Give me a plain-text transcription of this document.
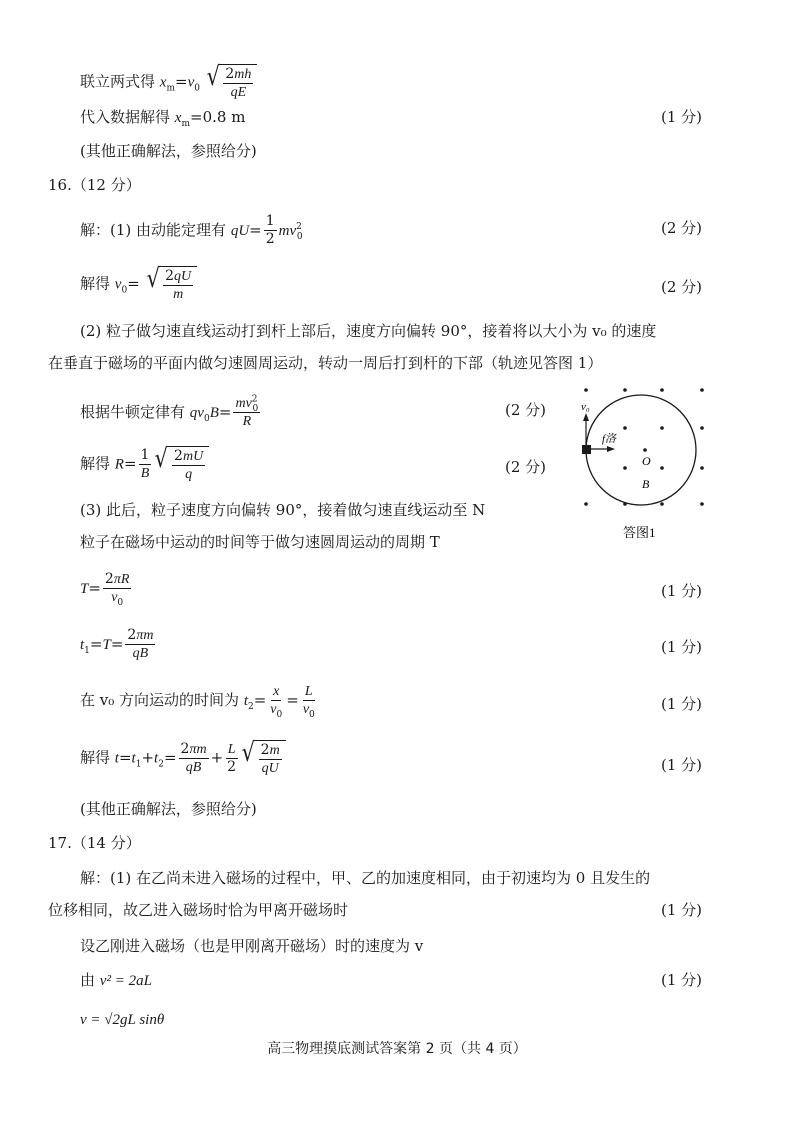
联立两式得 $x_m=v_0$ √ $\frac{2mh}{qE}$
代入数据解得 $x_m=0.8$ m	(1 分)
(其他正确解法，参照给分)
16.（12 分）
解：(1) 由动能定理有 $qU= \frac{1}{2} mv^2_0$	(2 分)
解得 $v_0=$ √ $\frac{2qU}{m}$	(2 分)
(2) 粒子做匀速直线运动打到杆上部后，速度方向偏转 90°，接着将以大小为 v₀ 的速度
在垂直于磁场的平面内做匀速圆周运动，转动一周后打到杆的下部（轨迹见答图 1）
根据牛顿定律有 $qv_0B= \frac{mv^2_0}{R}$	(2 分)
解得 $R= \frac{1}{B}$ √ $\frac{2mU}{q}$	(2 分)
(3) 此后，粒子速度方向偏转 90°，接着做匀速直线运动至 N
粒子在磁场中运动的时间等于做匀速圆周运动的周期 T
$T= \frac{2\pi R}{v_0}$	(1 分)
$t_1=T= \frac{2\pi m}{qB}$	(1 分)
在 v₀ 方向运动的时间为 $t_2= \frac{x}{v_0} = \frac{L}{v_0}$	(1 分)
解得 $t=t_1+t_2= \frac{2\pi m}{qB} + \frac{L}{2}$ √ $\frac{2m}{qU}$	(1 分)
(其他正确解法，参照给分)
v₀
f洛
O
B
答图1
17.（14 分）
解：(1) 在乙尚未进入磁场的过程中，甲、乙的加速度相同，由于初速均为 0 且发生的
位移相同，故乙进入磁场时恰为甲离开磁场时	(1 分)
设乙刚进入磁场（也是甲刚离开磁场）时的速度为 v
由 v² = 2aL	(1 分)
v = √2gL sinθ
高三物理摸底测试答案第 2 页（共 4 页）
